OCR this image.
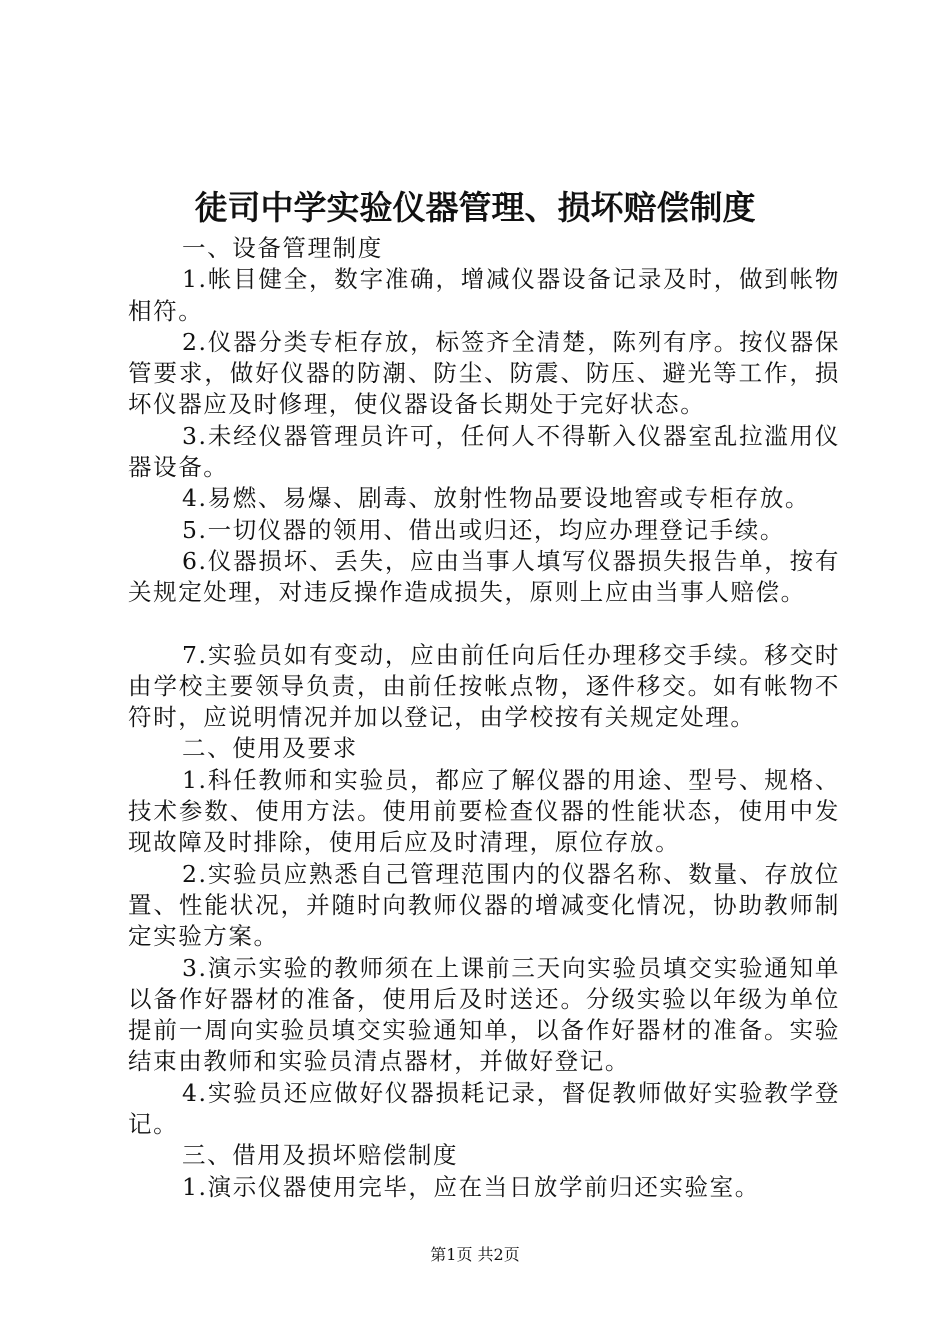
徒司中学实验仪器管理、损坏赔偿制度

一、设备管理制度

1.帐目健全，数字准确，增减仪器设备记录及时，做到帐物相符。

2.仪器分类专柜存放，标签齐全清楚，陈列有序。按仪器保管要求，做好仪器的防潮、防尘、防震、防压、避光等工作，损坏仪器应及时修理，使仪器设备长期处于完好状态。

3.未经仪器管理员许可，任何人不得靳入仪器室乱拉滥用仪器设备。

4.易燃、易爆、剧毒、放射性物品要设地窖或专柜存放。

5.一切仪器的领用、借出或归还，均应办理登记手续。

6.仪器损坏、丢失，应由当事人填写仪器损失报告单，按有关规定处理，对违反操作造成损失，原则上应由当事人赔偿。

7.实验员如有变动，应由前任向后任办理移交手续。移交时由学校主要领导负责，由前任按帐点物，逐件移交。如有帐物不符时，应说明情况并加以登记，由学校按有关规定处理。

二、使用及要求

1.科任教师和实验员，都应了解仪器的用途、型号、规格、技术参数、使用方法。使用前要检查仪器的性能状态，使用中发现故障及时排除，使用后应及时清理，原位存放。

2.实验员应熟悉自己管理范围内的仪器名称、数量、存放位置、性能状况，并随时向教师仪器的增减变化情况，协助教师制定实验方案。

3.演示实验的教师须在上课前三天向实验员填交实验通知单以备作好器材的准备，使用后及时送还。分级实验以年级为单位提前一周向实验员填交实验通知单，以备作好器材的准备。实验结束由教师和实验员清点器材，并做好登记。

4.实验员还应做好仪器损耗记录，督促教师做好实验教学登记。

三、借用及损坏赔偿制度

1.演示仪器使用完毕，应在当日放学前归还实验室。

第1页 共2页
